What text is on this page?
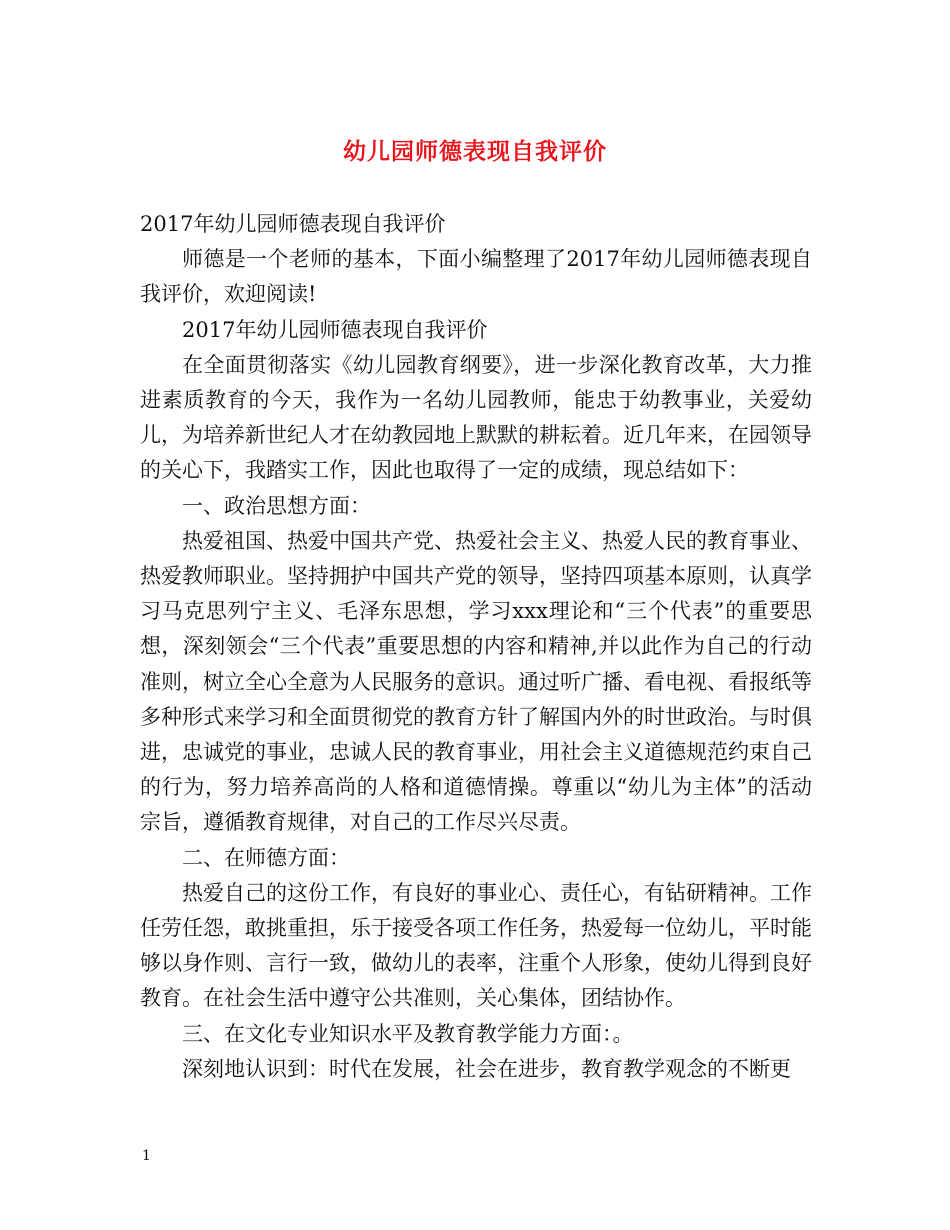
幼儿园师德表现自我评价

2017年幼儿园师德表现自我评价

师德是一个老师的基本，下面小编整理了2017年幼儿园师德表现自我评价，欢迎阅读!

2017年幼儿园师德表现自我评价

在全面贯彻落实《幼儿园教育纲要》，进一步深化教育改革，大力推进素质教育的今天，我作为一名幼儿园教师，能忠于幼教事业，关爱幼儿，为培养新世纪人才在幼教园地上默默的耕耘着。近几年来，在园领导的关心下，我踏实工作，因此也取得了一定的成绩，现总结如下：

一、政治思想方面：

热爱祖国、热爱中国共产党、热爱社会主义、热爱人民的教育事业、热爱教师职业。坚持拥护中国共产党的领导，坚持四项基本原则，认真学习马克思列宁主义、毛泽东思想，学习xxx理论和“三个代表”的重要思想，深刻领会“三个代表”重要思想的内容和精神,并以此作为自己的行动准则，树立全心全意为人民服务的意识。通过听广播、看电视、看报纸等多种形式来学习和全面贯彻党的教育方针了解国内外的时世政治。与时俱进，忠诚党的事业，忠诚人民的教育事业，用社会主义道德规范约束自己的行为，努力培养高尚的人格和道德情操。尊重以“幼儿为主体”的活动宗旨，遵循教育规律，对自己的工作尽兴尽责。

二、在师德方面：

热爱自己的这份工作，有良好的事业心、责任心，有钻研精神。工作任劳任怨，敢挑重担，乐于接受各项工作任务，热爱每一位幼儿，平时能够以身作则、言行一致，做幼儿的表率，注重个人形象，使幼儿得到良好教育。在社会生活中遵守公共准则，关心集体，团结协作。

三、在文化专业知识水平及教育教学能力方面：。

深刻地认识到：时代在发展，社会在进步，教育教学观念的不断更

1
